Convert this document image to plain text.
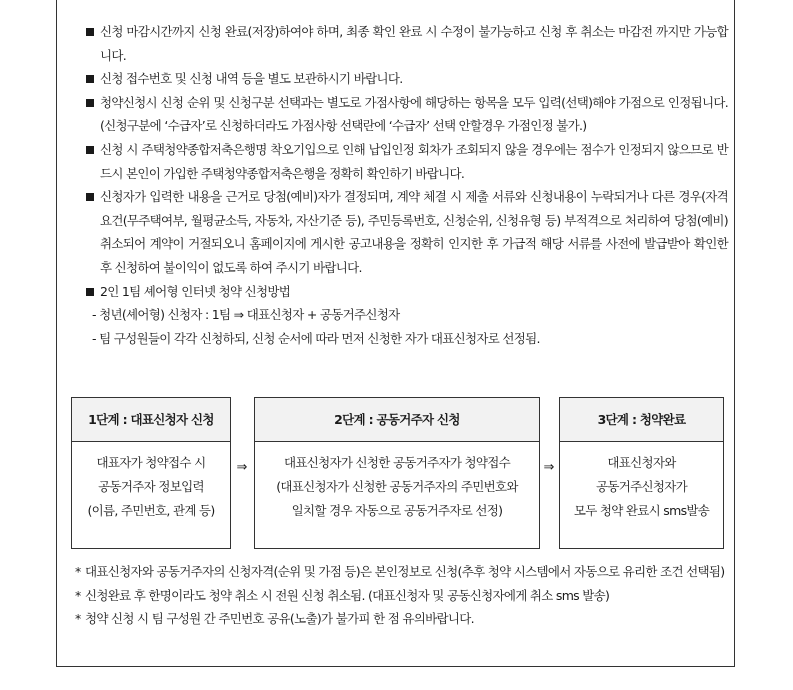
신청 마감시간까지 신청 완료(저장)하여야 하며, 최종 확인 완료 시 수정이 불가능하고 신청 후 취소는 마감전 까지만 가능합니다.

신청 접수번호 및 신청 내역 등을 별도 보관하시기 바랍니다.

청약신청시 신청 순위 및 신청구분 선택과는 별도로 가점사항에 해당하는 항목을 모두 입력(선택)해야 가점으로 인정됩니다. (신청구분에 ‘수급자’로 신청하더라도 가점사항 선택란에 ‘수급자’ 선택 안할경우 가점인정 불가.)

신청 시 주택청약종합저축은행명 착오기입으로 인해 납입인정 회차가 조회되지 않을 경우에는 점수가 인정되지 않으므로 반드시 본인이 가입한 주택청약종합저축은행을 정확히 확인하기 바랍니다.

신청자가 입력한 내용을 근거로 당첨(예비)자가 결정되며, 계약 체결 시 제출 서류와 신청내용이 누락되거나 다른 경우(자격요건(무주택여부, 월평균소득, 자동차, 자산기준 등), 주민등록번호, 신청순위, 신청유형 등) 부적격으로 처리하여 당첨(예비) 취소되어 계약이 거절되오니 홈페이지에 게시한 공고내용을 정확히 인지한 후 가급적 해당 서류를 사전에 발급받아 확인한 후 신청하여 불이익이 없도록 하여 주시기 바랍니다.

2인 1팀 셰어형 인터넷 청약 신청방법

- 청년(셰어형) 신청자 : 1팀 ⇒ 대표신청자 + 공동거주신청자
- 팀 구성원들이 각각 신청하되, 신청 순서에 따라 먼저 신청한 자가 대표신청자로 선정됨.
1단계 : 대표신청자 신청
대표자가 청약접수 시
공동거주자 정보입력
(이름, 주민번호, 관계 등)
⇒
2단계 : 공동거주자 신청
대표신청자가 신청한 공동거주자가 청약접수
(대표신청자가 신청한 공동거주자의 주민번호와
일치할 경우 자동으로 공동거주자로 선정)
⇒
3단계 : 청약완료
대표신청자와
공동거주신청자가
모두 청약 완료시 sms발송

* 대표신청자와 공동거주자의 신청자격(순위 및 가점 등)은 본인정보로 신청(추후 청약 시스템에서 자동으로 유리한 조건 선택됨)

* 신청완료 후 한명이라도 청약 취소 시 전원 신청 취소됨. (대표신청자 및 공동신청자에게 취소 sms 발송)

* 청약 신청 시 팀 구성원 간 주민번호 공유(노출)가 불가피 한 점 유의바랍니다.
